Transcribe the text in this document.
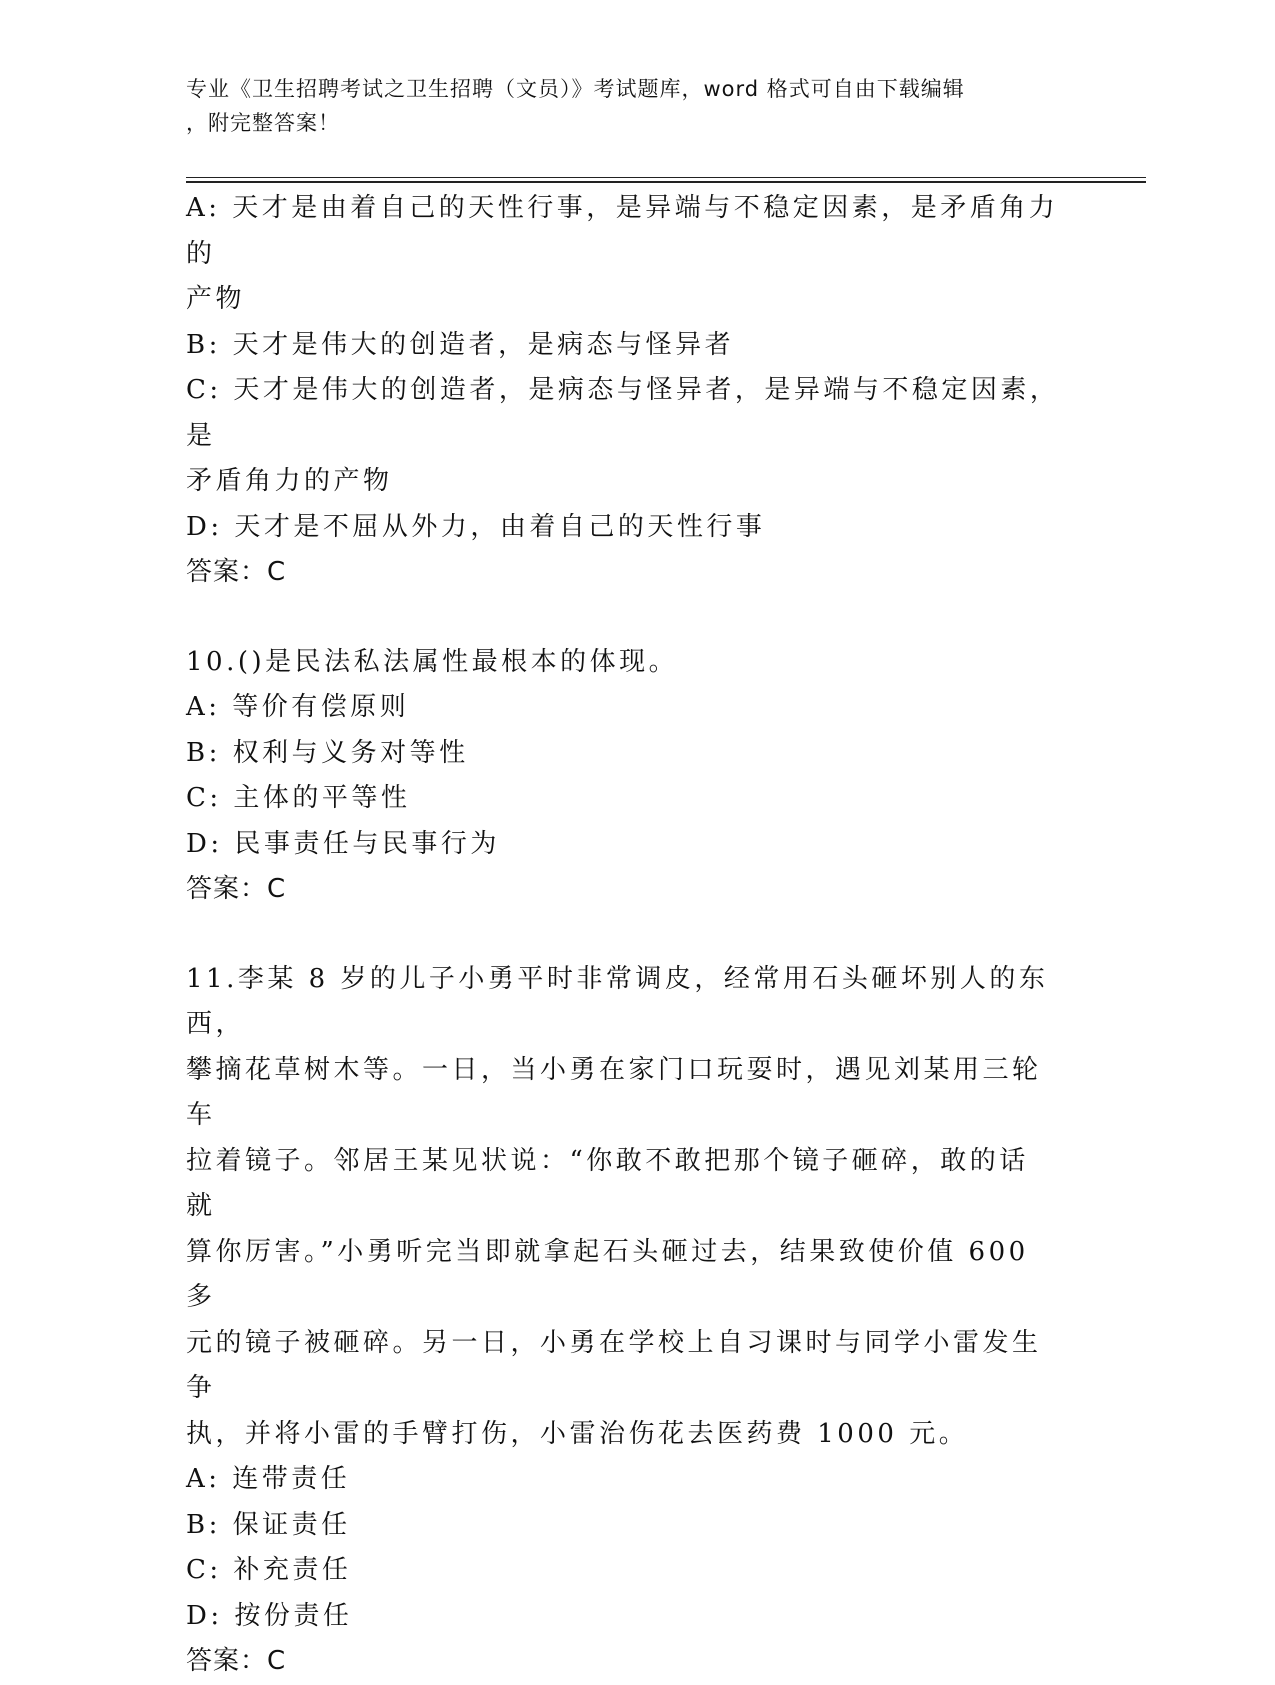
专业《卫生招聘考试之卫生招聘（文员）》考试题库，word 格式可自由下载编辑
，附完整答案！
A: 天才是由着自己的天性行事，是异端与不稳定因素，是矛盾角力的
产物
B: 天才是伟大的创造者，是病态与怪异者
C: 天才是伟大的创造者，是病态与怪异者，是异端与不稳定因素，是
矛盾角力的产物
D: 天才是不屈从外力，由着自己的天性行事
答案：C
10.()是民法私法属性最根本的体现。
A: 等价有偿原则
B: 权利与义务对等性
C: 主体的平等性
D: 民事责任与民事行为
答案：C
11.李某 8 岁的儿子小勇平时非常调皮，经常用石头砸坏别人的东西，
攀摘花草树木等。一日，当小勇在家门口玩耍时，遇见刘某用三轮车
拉着镜子。邻居王某见状说：“你敢不敢把那个镜子砸碎，敢的话就
算你厉害。”小勇听完当即就拿起石头砸过去，结果致使价值 600 多
元的镜子被砸碎。另一日，小勇在学校上自习课时与同学小雷发生争
执，并将小雷的手臂打伤，小雷治伤花去医药费 1000 元。
A: 连带责任
B: 保证责任
C: 补充责任
D: 按份责任
答案：C
